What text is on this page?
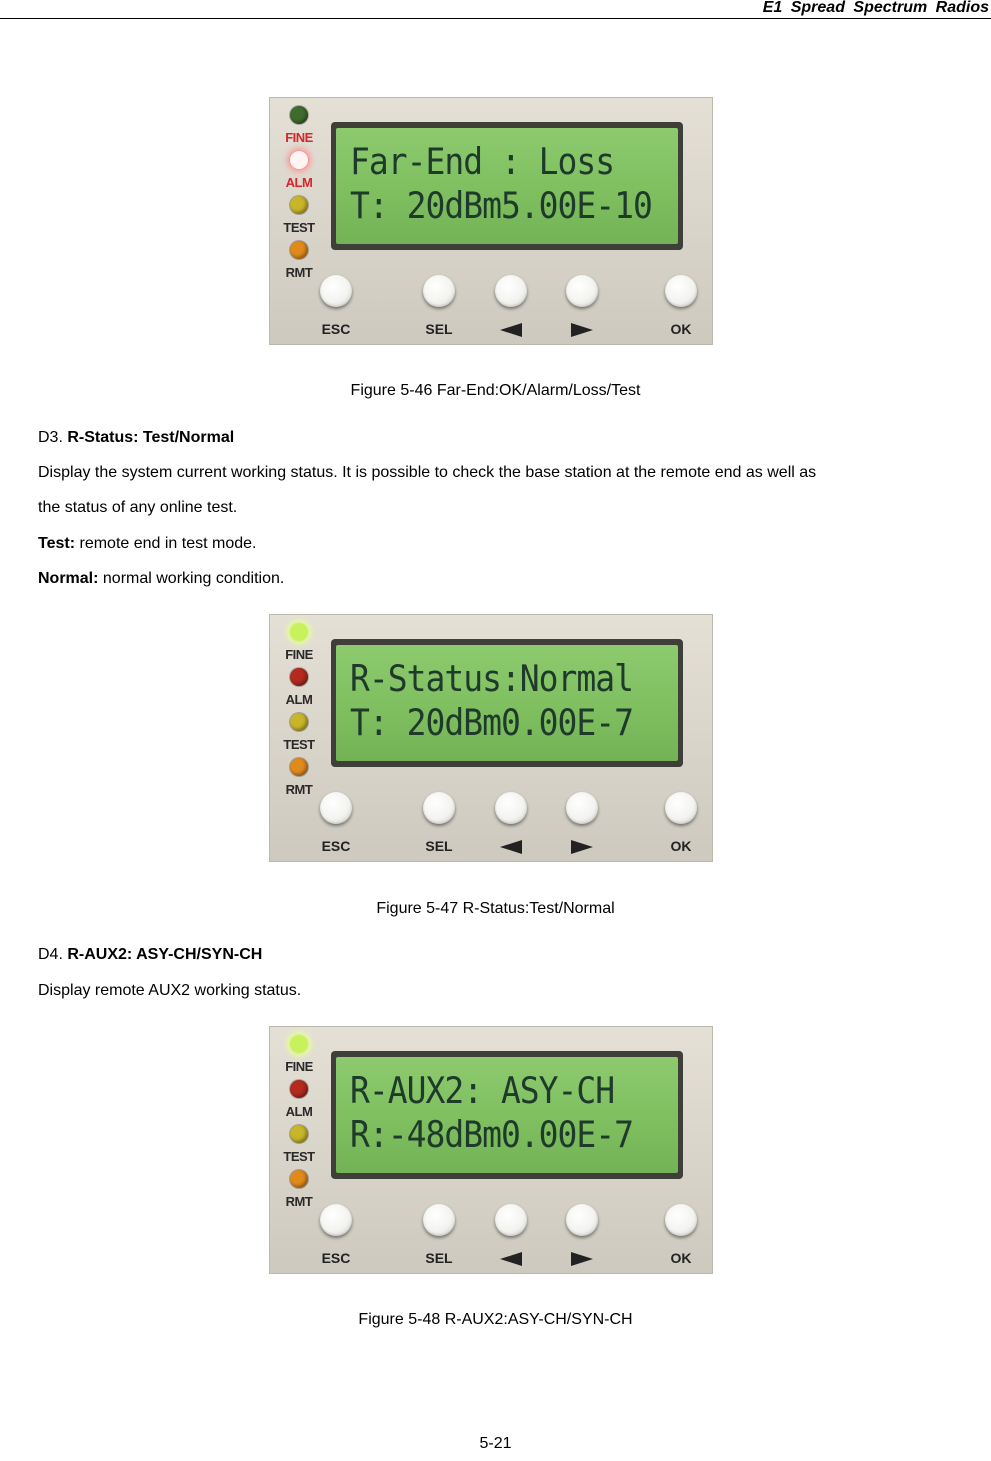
E1 Spread Spectrum Radios
FINE
ALM
TEST
RMT
Far-End : Loss
T: 20dBm5.00E-10
ESC	SEL	OK
Figure 5-46 Far-End:OK/Alarm/Loss/Test
D3. R-Status: Test/Normal
Display the system current working status. It is possible to check the base station at the remote end as well as
the status of any online test.
Test: remote end in test mode.
Normal: normal working condition.
FINE
ALM
TEST
RMT
R-Status:Normal
T: 20dBm0.00E-7
ESC	SEL	OK
Figure 5-47 R-Status:Test/Normal
D4. R-AUX2: ASY-CH/SYN-CH
Display remote AUX2 working status.
FINE
ALM
TEST
RMT
R-AUX2: ASY-CH
R:-48dBm0.00E-7
ESC	SEL	OK
Figure 5-48 R-AUX2:ASY-CH/SYN-CH
5-21
